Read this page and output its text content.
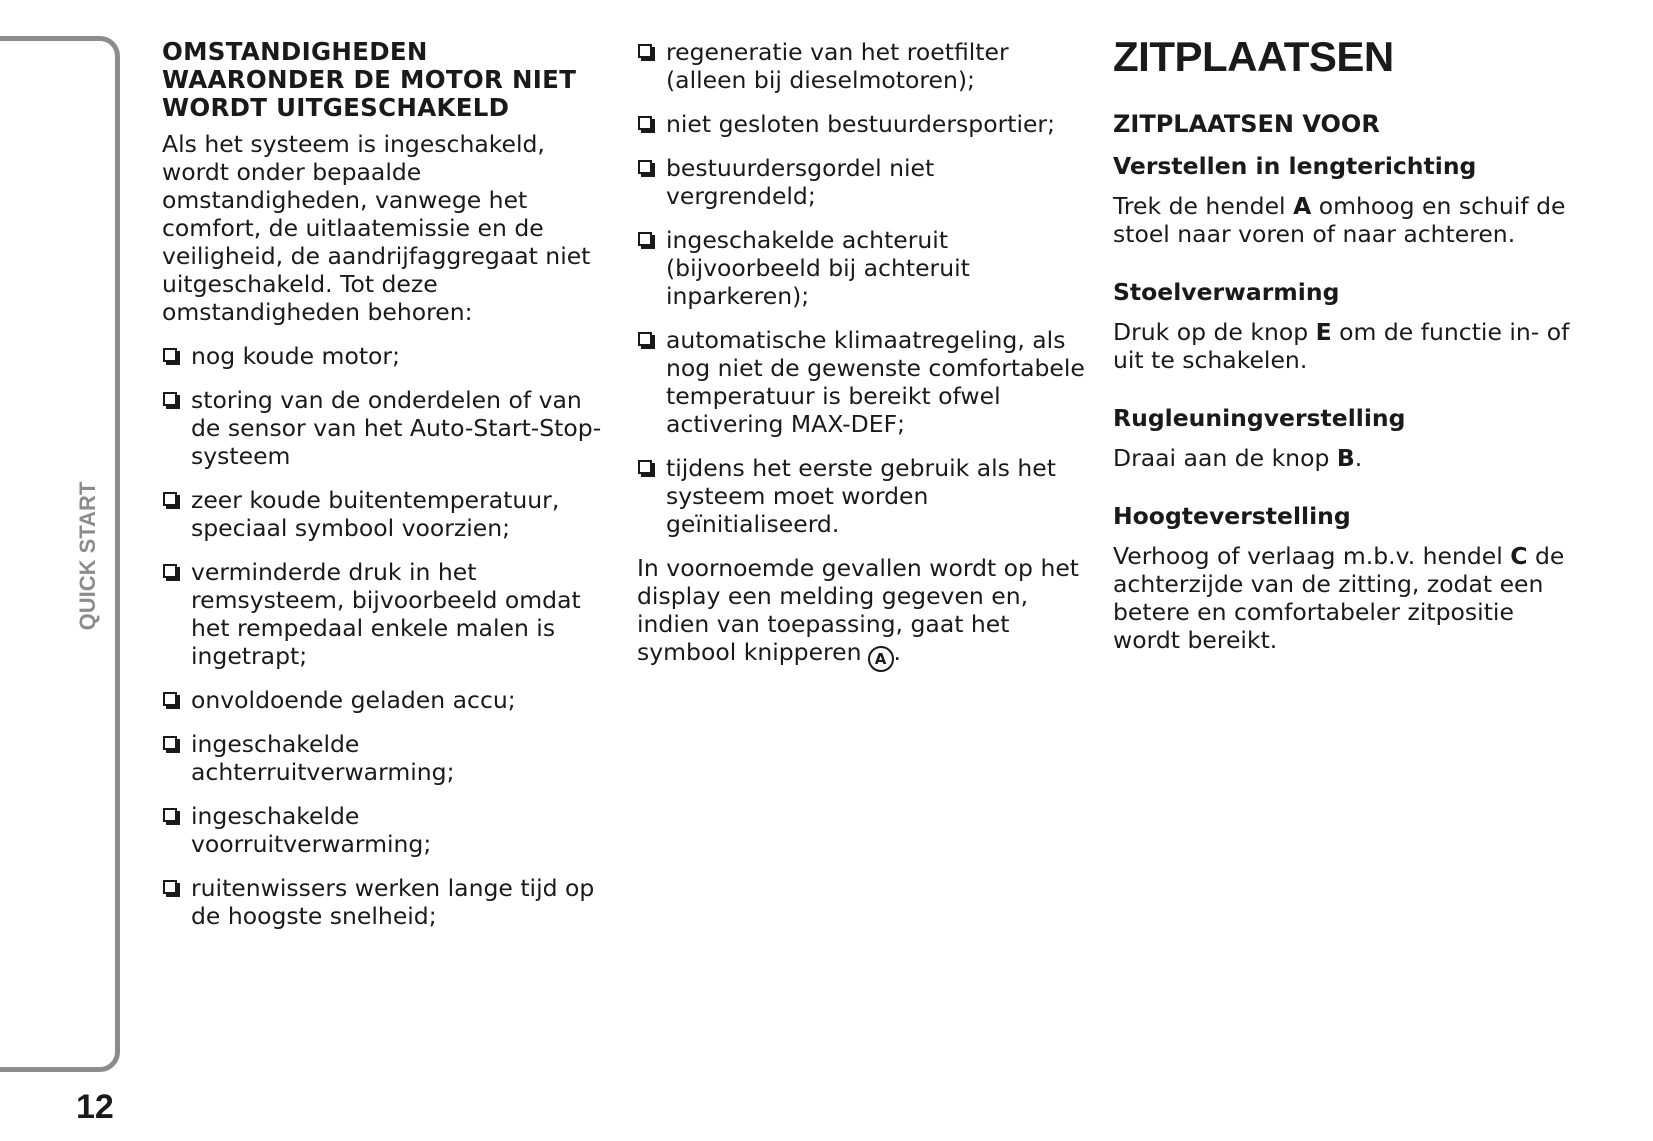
QUICK START
12
OMSTANDIGHEDEN WAARONDER DE MOTOR NIET WORDT UITGESCHAKELD

Als het systeem is ingeschakeld, wordt onder bepaalde omstandigheden, vanwege het comfort, de uitlaatemissie en de veiligheid, de aandrijfaggregaat niet uitgeschakeld. Tot deze omstandigheden behoren:

nog koude motor;
storing van de onderdelen of van de sensor van het Auto-Start-Stop-systeem
zeer koude buitentemperatuur, speciaal symbool voorzien;
verminderde druk in het remsysteem, bijvoorbeeld omdat het rempedaal enkele malen is ingetrapt;
onvoldoende geladen accu;
ingeschakelde achterruitverwarming;
ingeschakelde voorruitverwarming;
ruitenwissers werken lange tijd op de hoogste snelheid;
regeneratie van het roetfilter (alleen bij dieselmotoren);
niet gesloten bestuurdersportier;
bestuurdersgordel niet vergrendeld;
ingeschakelde achteruit (bijvoorbeeld bij achteruit inparkeren);
automatische klimaatregeling, als nog niet de gewenste comfortabele temperatuur is bereikt ofwel activering MAX-DEF;
tijdens het eerste gebruik als het systeem moet worden geïnitialiseerd.

In voornoemde gevallen wordt op het display een melding gegeven en, indien van toepassing, gaat het symbool knipperen A .

ZITPLAATSEN
ZITPLAATSEN VOOR
Verstellen in lengterichting

Trek de hendel A omhoog en schuif de stoel naar voren of naar achteren.

Stoelverwarming

Druk op de knop E om de functie in- of uit te schakelen.

Rugleuningverstelling

Draai aan de knop B.

Hoogteverstelling

Verhoog of verlaag m.b.v. hendel C de achterzijde van de zitting, zodat een betere en comfortabeler zitpositie wordt bereikt.
